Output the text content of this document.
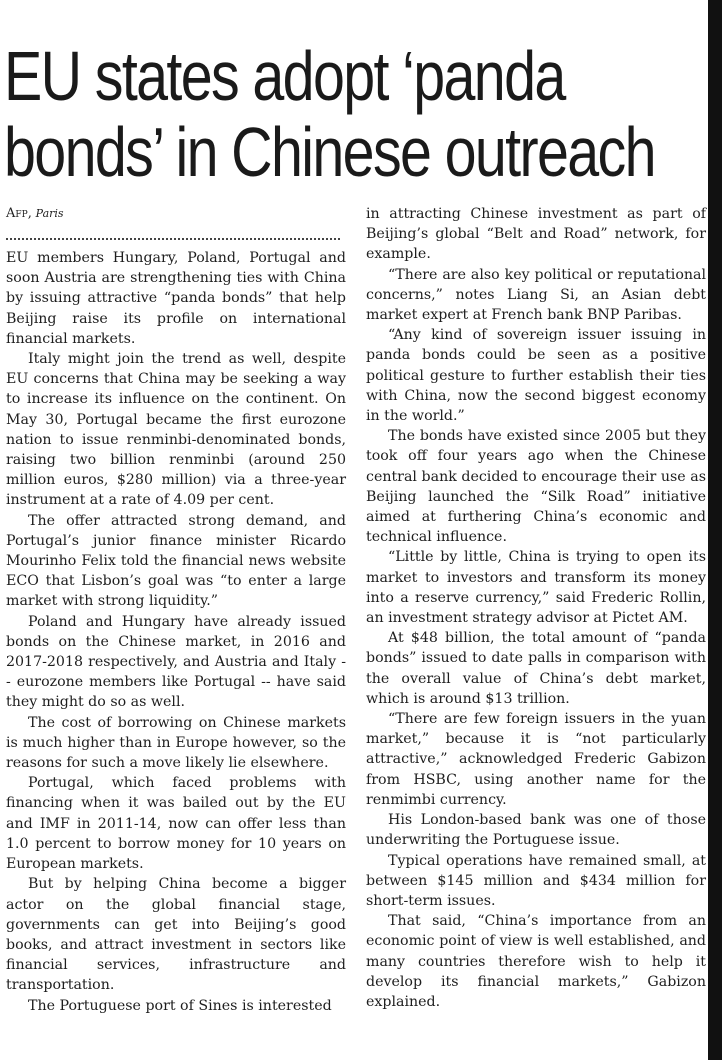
EU states adopt ‘panda
bonds’ in Chinese outreach
Afp, Paris

EU members Hungary, Poland, Portugal and soon Austria are strengthening ties with China by issuing attractive “panda bonds” that help Beijing raise its profile on international financial markets.

Italy might join the trend as well, despite EU concerns that China may be seeking a way to increase its influence on the continent. On May 30, Portugal became the first eurozone nation to issue renminbi-denominated bonds, raising two billion renminbi (around 250 million euros, $280 million) via a three-year instrument at a rate of 4.09 per cent.

The offer attracted strong demand, and Portugal’s junior finance minister Ricardo Mourinho Felix told the financial news website ECO that Lisbon’s goal was “to enter a large market with strong liquidity.”

Poland and Hungary have already issued bonds on the Chinese market, in 2016 and 2017-2018 respectively, and Austria and Italy -- eurozone members like Portugal -- have said they might do so as well.

The cost of borrowing on Chinese markets is much higher than in Europe however, so the reasons for such a move likely lie elsewhere.

Portugal, which faced problems with financing when it was bailed out by the EU and IMF in 2011-14, now can offer less than 1.0 percent to borrow money for 10 years on European markets.

But by helping China become a bigger actor on the global financial stage, governments can get into Beijing’s good books, and attract investment in sectors like financial services, infrastructure and transportation.

The Portuguese port of Sines is interested

in attracting Chinese investment as part of Beijing’s global “Belt and Road” network, for example.

“There are also key political or reputational concerns,” notes Liang Si, an Asian debt market expert at French bank BNP Paribas.

“Any kind of sovereign issuer issuing in panda bonds could be seen as a positive political gesture to further establish their ties with China, now the second biggest economy in the world.”

The bonds have existed since 2005 but they took off four years ago when the Chinese central bank decided to encourage their use as Beijing launched the “Silk Road” initiative aimed at furthering China’s economic and technical influence.

“Little by little, China is trying to open its market to investors and transform its money into a reserve currency,” said Frederic Rollin, an investment strategy advisor at Pictet AM.

At $48 billion, the total amount of “panda bonds” issued to date palls in comparison with the overall value of China’s debt market, which is around $13 trillion.

“There are few foreign issuers in the yuan market,” because it is “not particularly attractive,” acknowledged Frederic Gabizon from HSBC, using another name for the renmimbi currency.

His London-based bank was one of those underwriting the Portuguese issue.

Typical operations have remained small, at between $145 million and $434 million for short-term issues.

That said, “China’s importance from an economic point of view is well established, and many countries therefore wish to help it develop its financial markets,” Gabizon explained.
